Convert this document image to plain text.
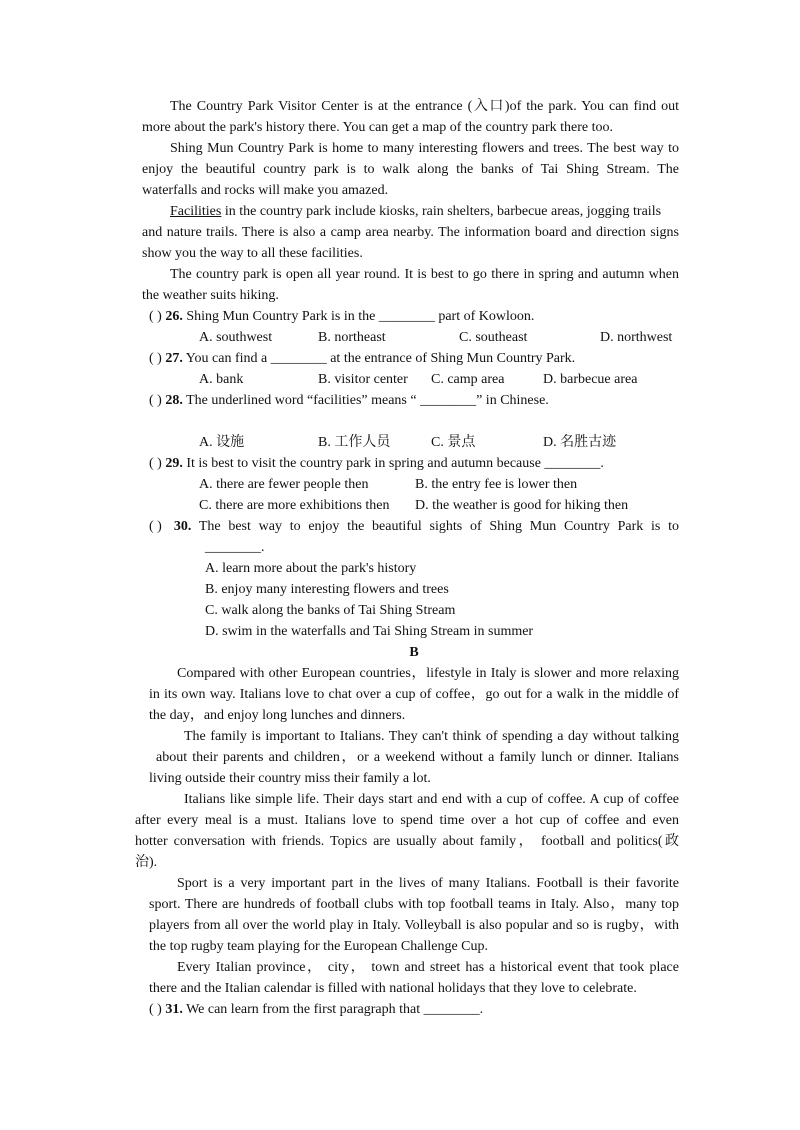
The Country Park Visitor Center is at the entrance (入口)of the park. You can find out
more about the park's history there. You can get a map of the country park there too.
Shing Mun Country Park is home to many interesting flowers and trees. The best way to
enjoy the beautiful country park is to walk along the banks of Tai Shing Stream. The
waterfalls and rocks will make you amazed.
Facilities in the country park include kiosks, rain shelters, barbecue areas, jogging trails
and nature trails. There is also a camp area nearby. The information board and direction signs
show you the way to all these facilities.
The country park is open all year round. It is best to go there in spring and autumn when
the weather suits hiking.
( ) 26. Shing Mun Country Park is in the ________ part of Kowloon.
A. southwest	B. northeast	C. southeast	D. northwest
( ) 27. You can find a ________ at the entrance of Shing Mun Country Park.
A. bank	B. visitor center C. camp area	D. barbecue area
( ) 28. The underlined word “facilities” means “ ________” in Chinese.
A. 设施	B. 工作人员	C. 景点	D. 名胜古迹
( ) 29. It is best to visit the country park in spring and autumn because ________.
A. there are fewer people then	B. the entry fee is lower then
C. there are more exhibitions then D. the weather is good for hiking then
( ) 30. The best way to enjoy the beautiful sights of Shing Mun Country Park is to
________.
A. learn more about the park's history
B. enjoy many interesting flowers and trees
C. walk along the banks of Tai Shing Stream
D. swim in the waterfalls and Tai Shing Stream in summer
B
Compared with other European countries，lifestyle in Italy is slower and more relaxing
in its own way. Italians love to chat over a cup of coffee，go out for a walk in the middle of
the day，and enjoy long lunches and dinners.
The family is important to Italians. They can't think of spending a day without talking
about their parents and children，or a weekend without a family lunch or dinner. Italians
living outside their country miss their family a lot.
Italians like simple life. Their days start and end with a cup of coffee. A cup of coffee
after every meal is a must. Italians love to spend time over a hot cup of coffee and even
hotter conversation with friends. Topics are usually about family， football and politics(政
治).
Sport is a very important part in the lives of many Italians. Football is their favorite
sport. There are hundreds of football clubs with top football teams in Italy. Also，many top
players from all over the world play in Italy. Volleyball is also popular and so is rugby，with
the top rugby team playing for the European Challenge Cup.
Every Italian province， city， town and street has a historical event that took place
there and the Italian calendar is filled with national holidays that they love to celebrate.
( ) 31. We can learn from the first paragraph that ________.
